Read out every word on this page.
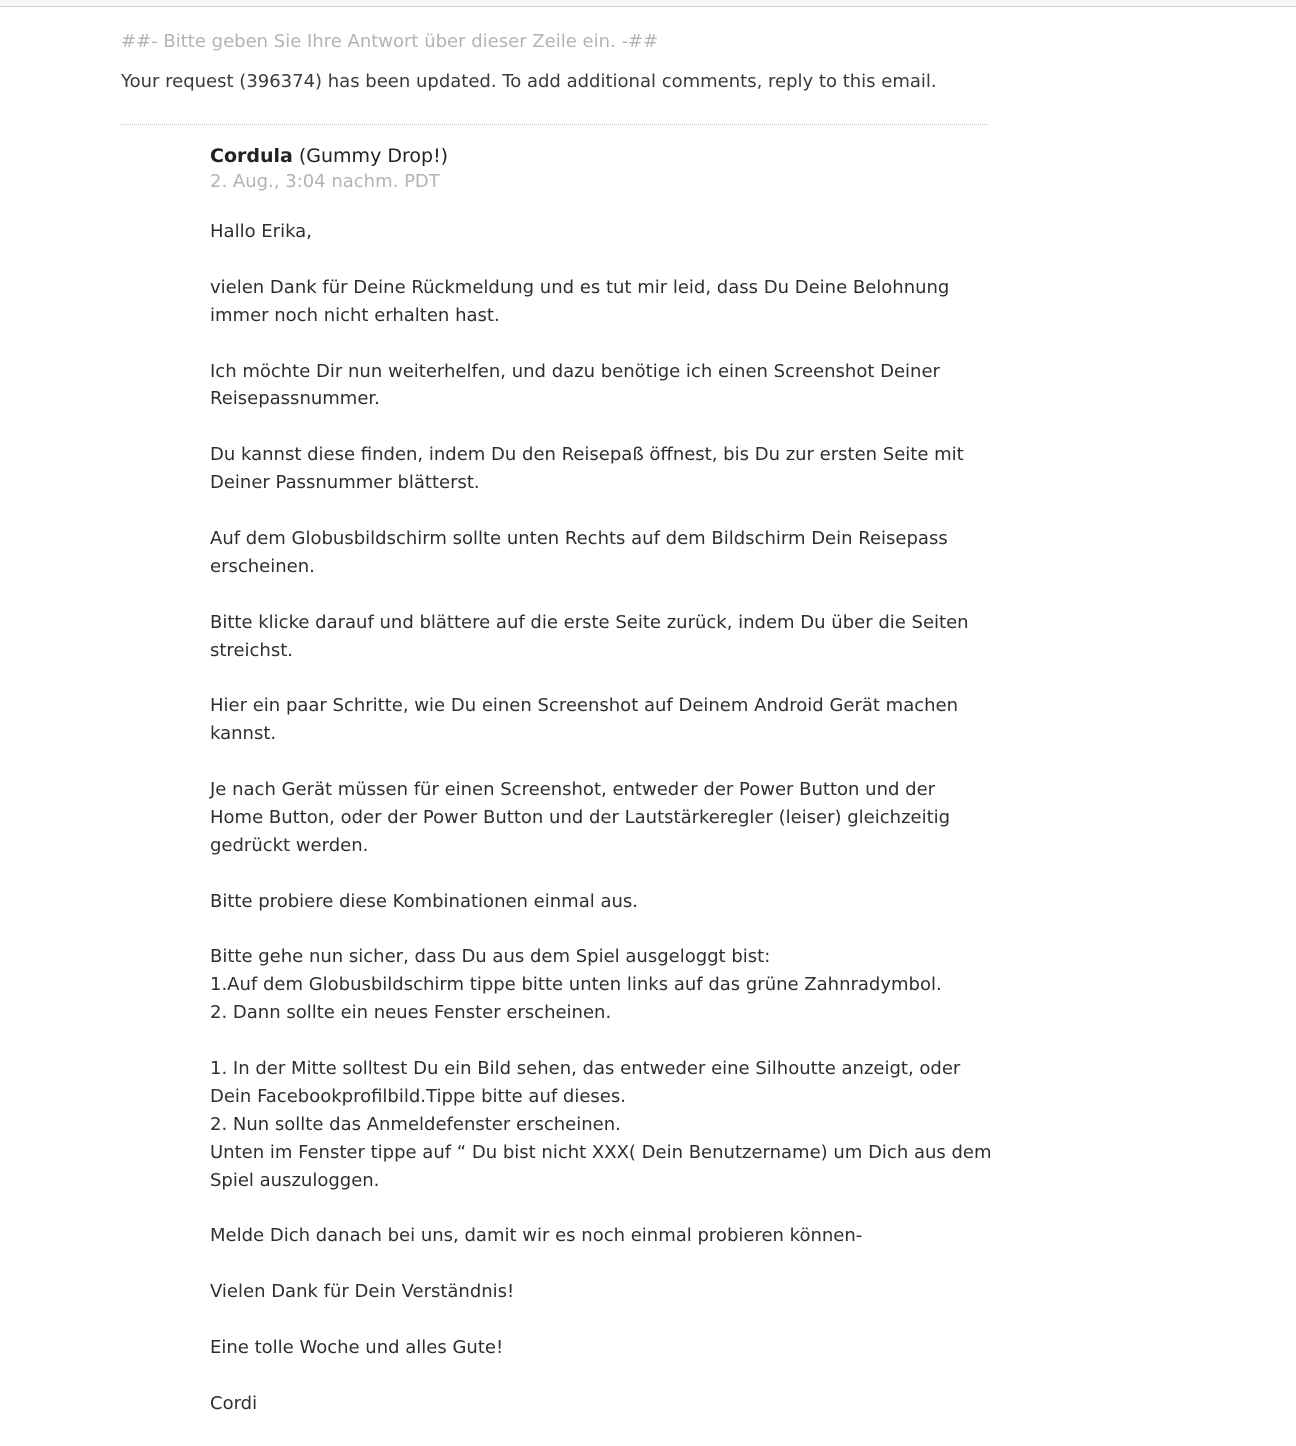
##- Bitte geben Sie Ihre Antwort über dieser Zeile ein. -##
Your request (396374) has been updated. To add additional comments, reply to this email.
Cordula (Gummy Drop!)
2. Aug., 3:04 nachm. PDT

Hallo Erika,

vielen Dank für Deine Rückmeldung und es tut mir leid, dass Du Deine Belohnung
immer noch nicht erhalten hast.

Ich möchte Dir nun weiterhelfen, und dazu benötige ich einen Screenshot Deiner
Reisepassnummer.

Du kannst diese finden, indem Du den Reisepaß öffnest, bis Du zur ersten Seite mit
Deiner Passnummer blätterst.

Auf dem Globusbildschirm sollte unten Rechts auf dem Bildschirm Dein Reisepass
erscheinen.

Bitte klicke darauf und blättere auf die erste Seite zurück, indem Du über die Seiten
streichst.

Hier ein paar Schritte, wie Du einen Screenshot auf Deinem Android Gerät machen
kannst.

Je nach Gerät müssen für einen Screenshot, entweder der Power Button und der
Home Button, oder der Power Button und der Lautstärkeregler (leiser) gleichzeitig
gedrückt werden.

Bitte probiere diese Kombinationen einmal aus.

Bitte gehe nun sicher, dass Du aus dem Spiel ausgeloggt bist:
1.Auf dem Globusbildschirm tippe bitte unten links auf das grüne Zahnradymbol.
2. Dann sollte ein neues Fenster erscheinen.

1. In der Mitte solltest Du ein Bild sehen, das entweder eine Silhoutte anzeigt, oder
Dein Facebookprofilbild.Tippe bitte auf dieses.
2. Nun sollte das Anmeldefenster erscheinen.
Unten im Fenster tippe auf “ Du bist nicht XXX( Dein Benutzername) um Dich aus dem
Spiel auszuloggen.

Melde Dich danach bei uns, damit wir es noch einmal probieren können-

Vielen Dank für Dein Verständnis!

Eine tolle Woche und alles Gute!

Cordi
